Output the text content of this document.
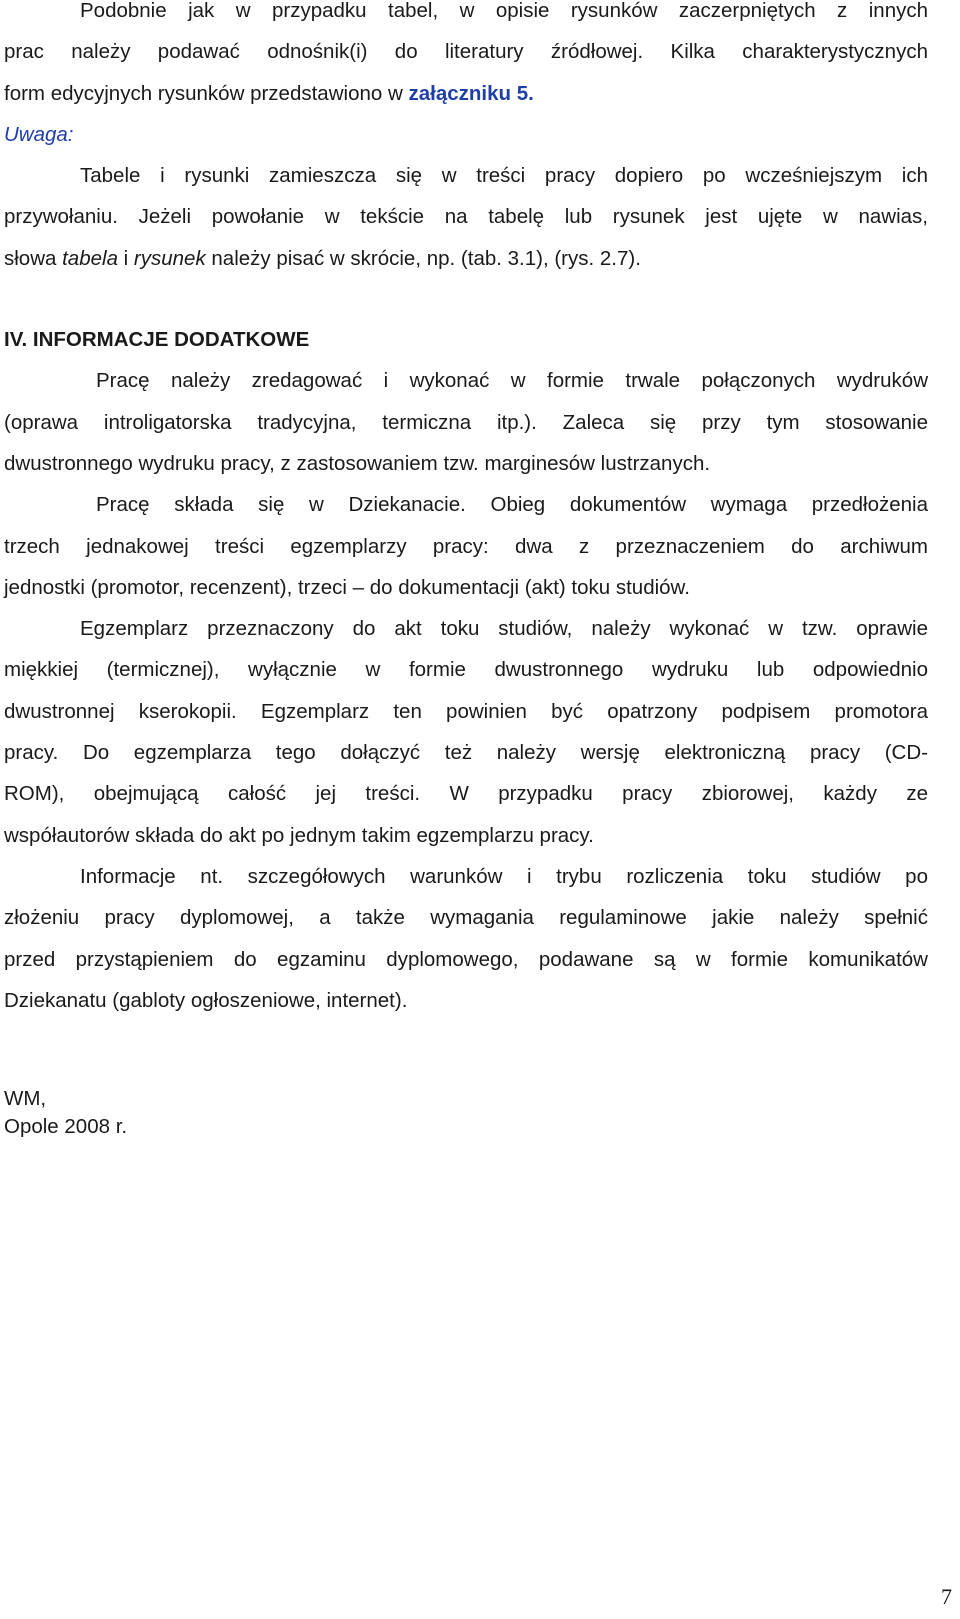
Podobnie jak w przypadku tabel, w opisie rysunków zaczerpniętych z innych
prac należy podawać odnośnik(i) do literatury źródłowej. Kilka charakterystycznych
form edycyjnych rysunków przedstawiono w załączniku 5.
Uwaga:
Tabele i rysunki zamieszcza się w treści pracy dopiero po wcześniejszym ich
przywołaniu. Jeżeli powołanie w tekście na tabelę lub rysunek jest ujęte w nawias,
słowa tabela i rysunek należy pisać w skrócie, np. (tab. 3.1), (rys. 2.7).
IV. INFORMACJE DODATKOWE
Pracę należy zredagować i wykonać w formie trwale połączonych wydruków
(oprawa introligatorska tradycyjna, termiczna itp.). Zaleca się przy tym stosowanie
dwustronnego wydruku pracy, z zastosowaniem tzw. marginesów lustrzanych.
Pracę składa się w Dziekanacie. Obieg dokumentów wymaga przedłożenia
trzech jednakowej treści egzemplarzy pracy: dwa z przeznaczeniem do archiwum
jednostki (promotor, recenzent), trzeci – do dokumentacji (akt) toku studiów.
Egzemplarz przeznaczony do akt toku studiów, należy wykonać w tzw. oprawie
miękkiej (termicznej), wyłącznie w formie dwustronnego wydruku lub odpowiednio
dwustronnej kserokopii. Egzemplarz ten powinien być opatrzony podpisem promotora
pracy. Do egzemplarza tego dołączyć też należy wersję elektroniczną pracy (CD-
ROM), obejmującą całość jej treści. W przypadku pracy zbiorowej, każdy ze
współautorów składa do akt po jednym takim egzemplarzu pracy.
Informacje nt. szczegółowych warunków i trybu rozliczenia toku studiów po
złożeniu pracy dyplomowej, a także wymagania regulaminowe jakie należy spełnić
przed przystąpieniem do egzaminu dyplomowego, podawane są w formie komunikatów
Dziekanatu (gabloty ogłoszeniowe, internet).
WM,
Opole 2008 r.
7
